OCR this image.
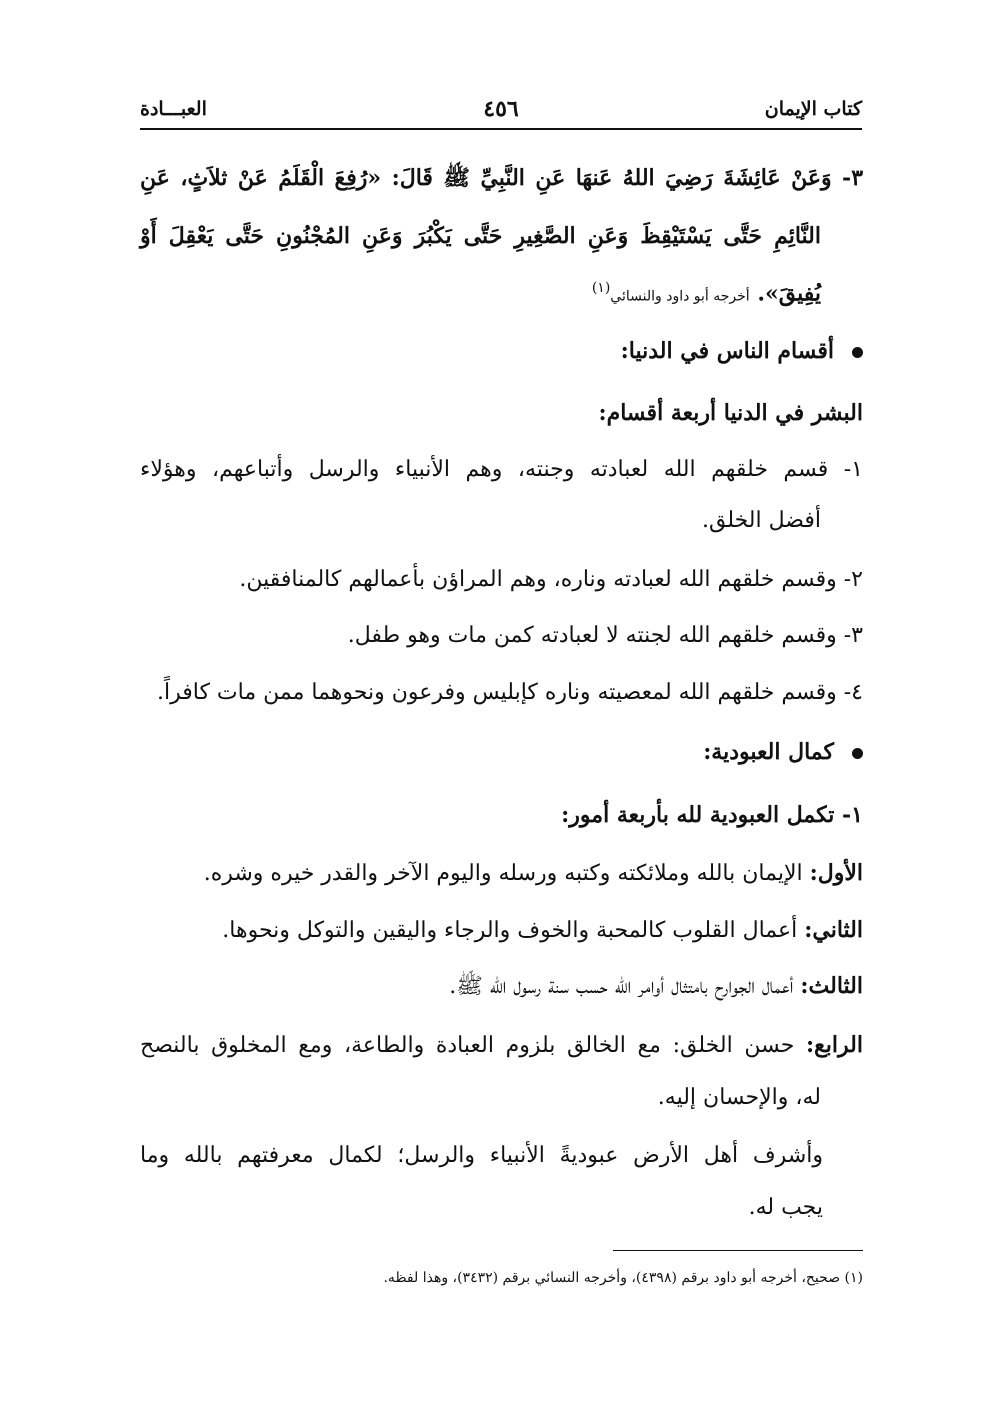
كتاب الإيمان
٤٥٦
العبـــادة
٣- وَعَنْ عَائِشَةَ رَضِيَ اللهُ عَنهَا عَنِ النَّبِيِّ ﷺ قَالَ: «رُفِعَ الْقَلَمُ عَنْ ثلاَثٍ، عَنِ
النَّائِمِ حَتَّى يَسْتَيْقِظَ وَعَنِ الصَّغِيرِ حَتَّى يَكْبُرَ وَعَنِ المُجْنُونِ حَتَّى يَعْقِلَ أَوْ
يُفِيقَ». أخرجه أبو داود والنسائي$^{(١)}$
أقسام الناس في الدنيا:
البشر في الدنيا أربعة أقسام:
١- قسم خلقهم الله لعبادته وجنته، وهم الأنبياء والرسل وأتباعهم، وهؤلاء
أفضل الخلق.
٢- وقسم خلقهم الله لعبادته وناره، وهم المراؤن بأعمالهم كالمنافقين.
٣- وقسم خلقهم الله لجنته لا لعبادته كمن مات وهو طفل.
٤- وقسم خلقهم الله لمعصيته وناره كإبليس وفرعون ونحوهما ممن مات كافراً.
كمال العبودية:
١- تكمل العبودية لله بأربعة أمور:
الأول: الإيمان بالله وملائكته وكتبه ورسله واليوم الآخر والقدر خيره وشره.
الثاني: أعمال القلوب كالمحبة والخوف والرجاء واليقين والتوكل ونحوها.
الثالث: أعمال الجوارح بامتثال أوامر الله حسب سنة رسول الله ﷺ.
الرابع: حسن الخلق: مع الخالق بلزوم العبادة والطاعة، ومع المخلوق بالنصح
له، والإحسان إليه.
وأشرف أهل الأرض عبوديةً الأنبياء والرسل؛ لكمال معرفتهم بالله وما
يجب له.
(١) صحيح، أخرجه أبو داود برقم (٤٣٩٨)، وأخرجه النسائي برقم (٣٤٣٢)، وهذا لفظه.
